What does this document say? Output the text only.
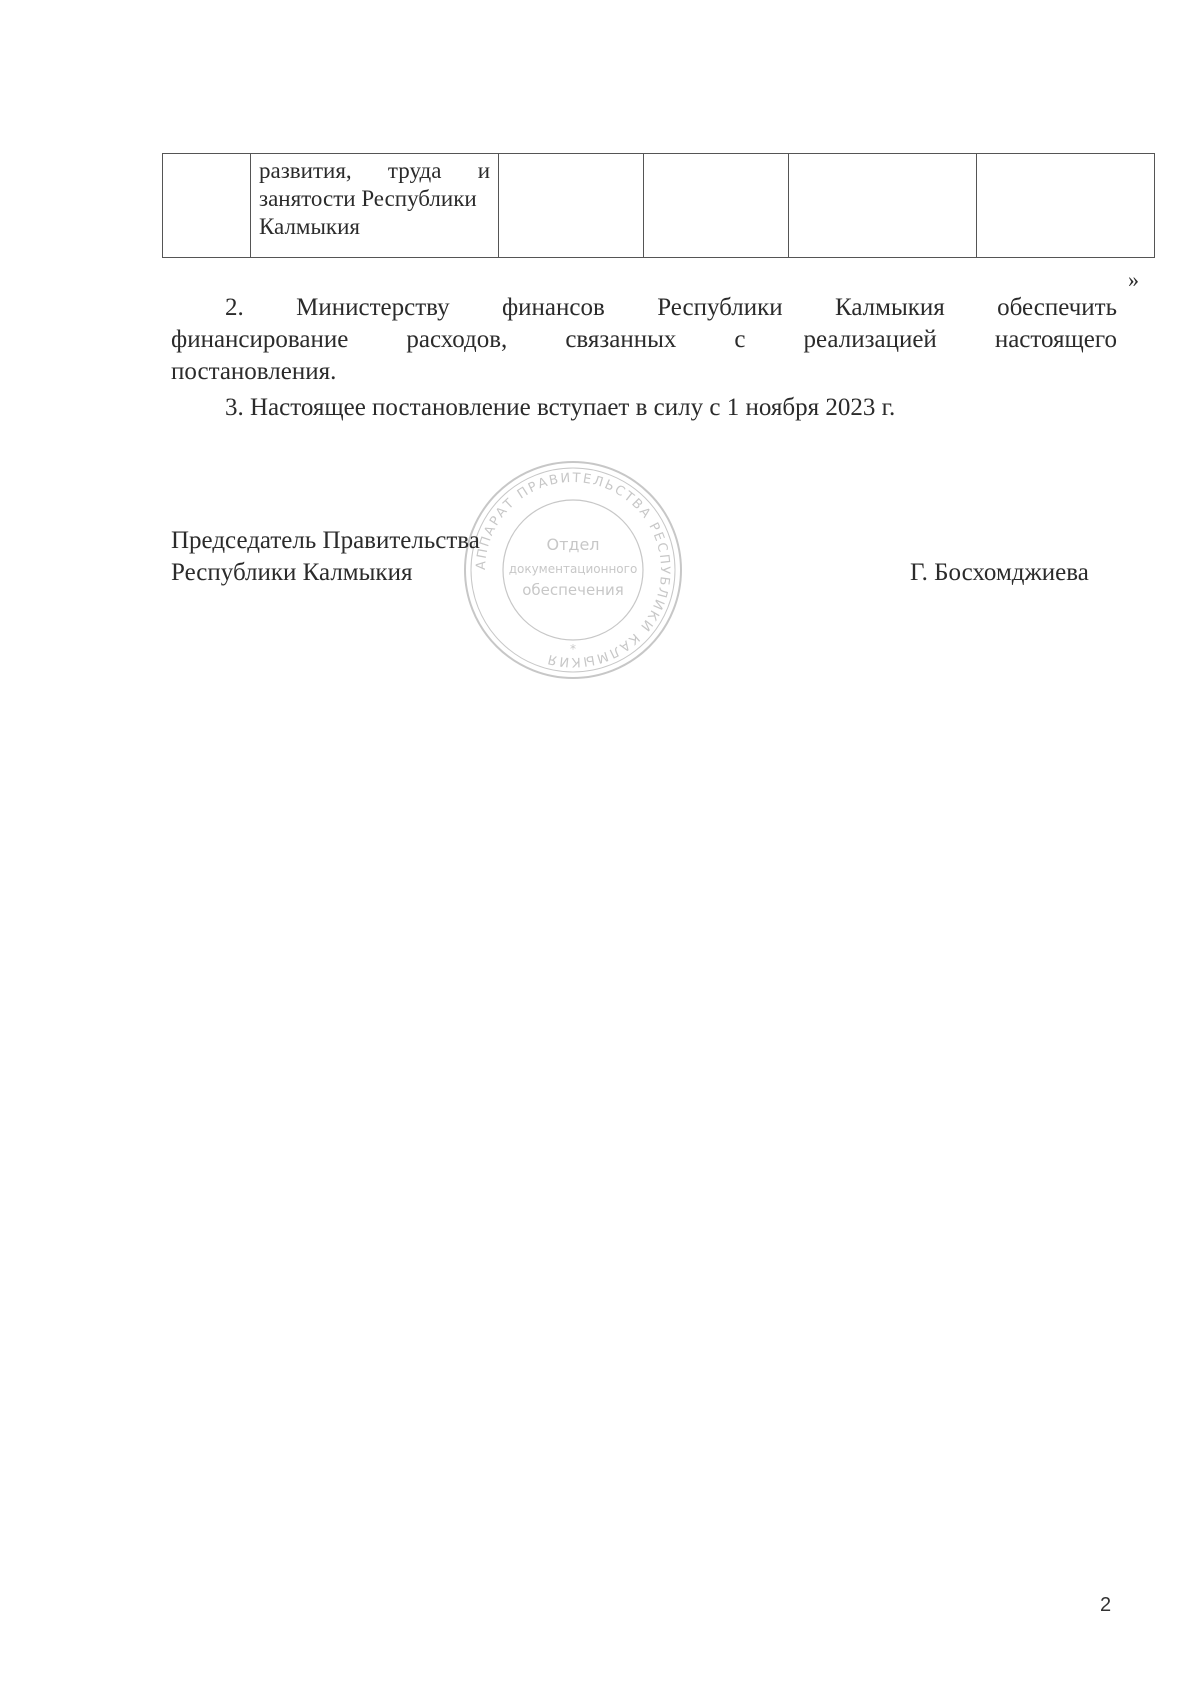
развития, труда и
занятости Республики
Калмыкия

»
2. Министерству финансов Республики Калмыкия обеспечить
финансирование расходов, связанных с реализацией настоящего
постановления.
3. Настоящее постановление вступает в силу с 1 ноября 2023 г.
АППАРАТ ПРАВИТЕЛЬСТВА РЕСПУБЛИКИ КАЛМЫКИЯ
Отдел
документационного
обеспечения
*
Председатель Правительства
Республики Калмыкия	Г. Босхомджиева
2
